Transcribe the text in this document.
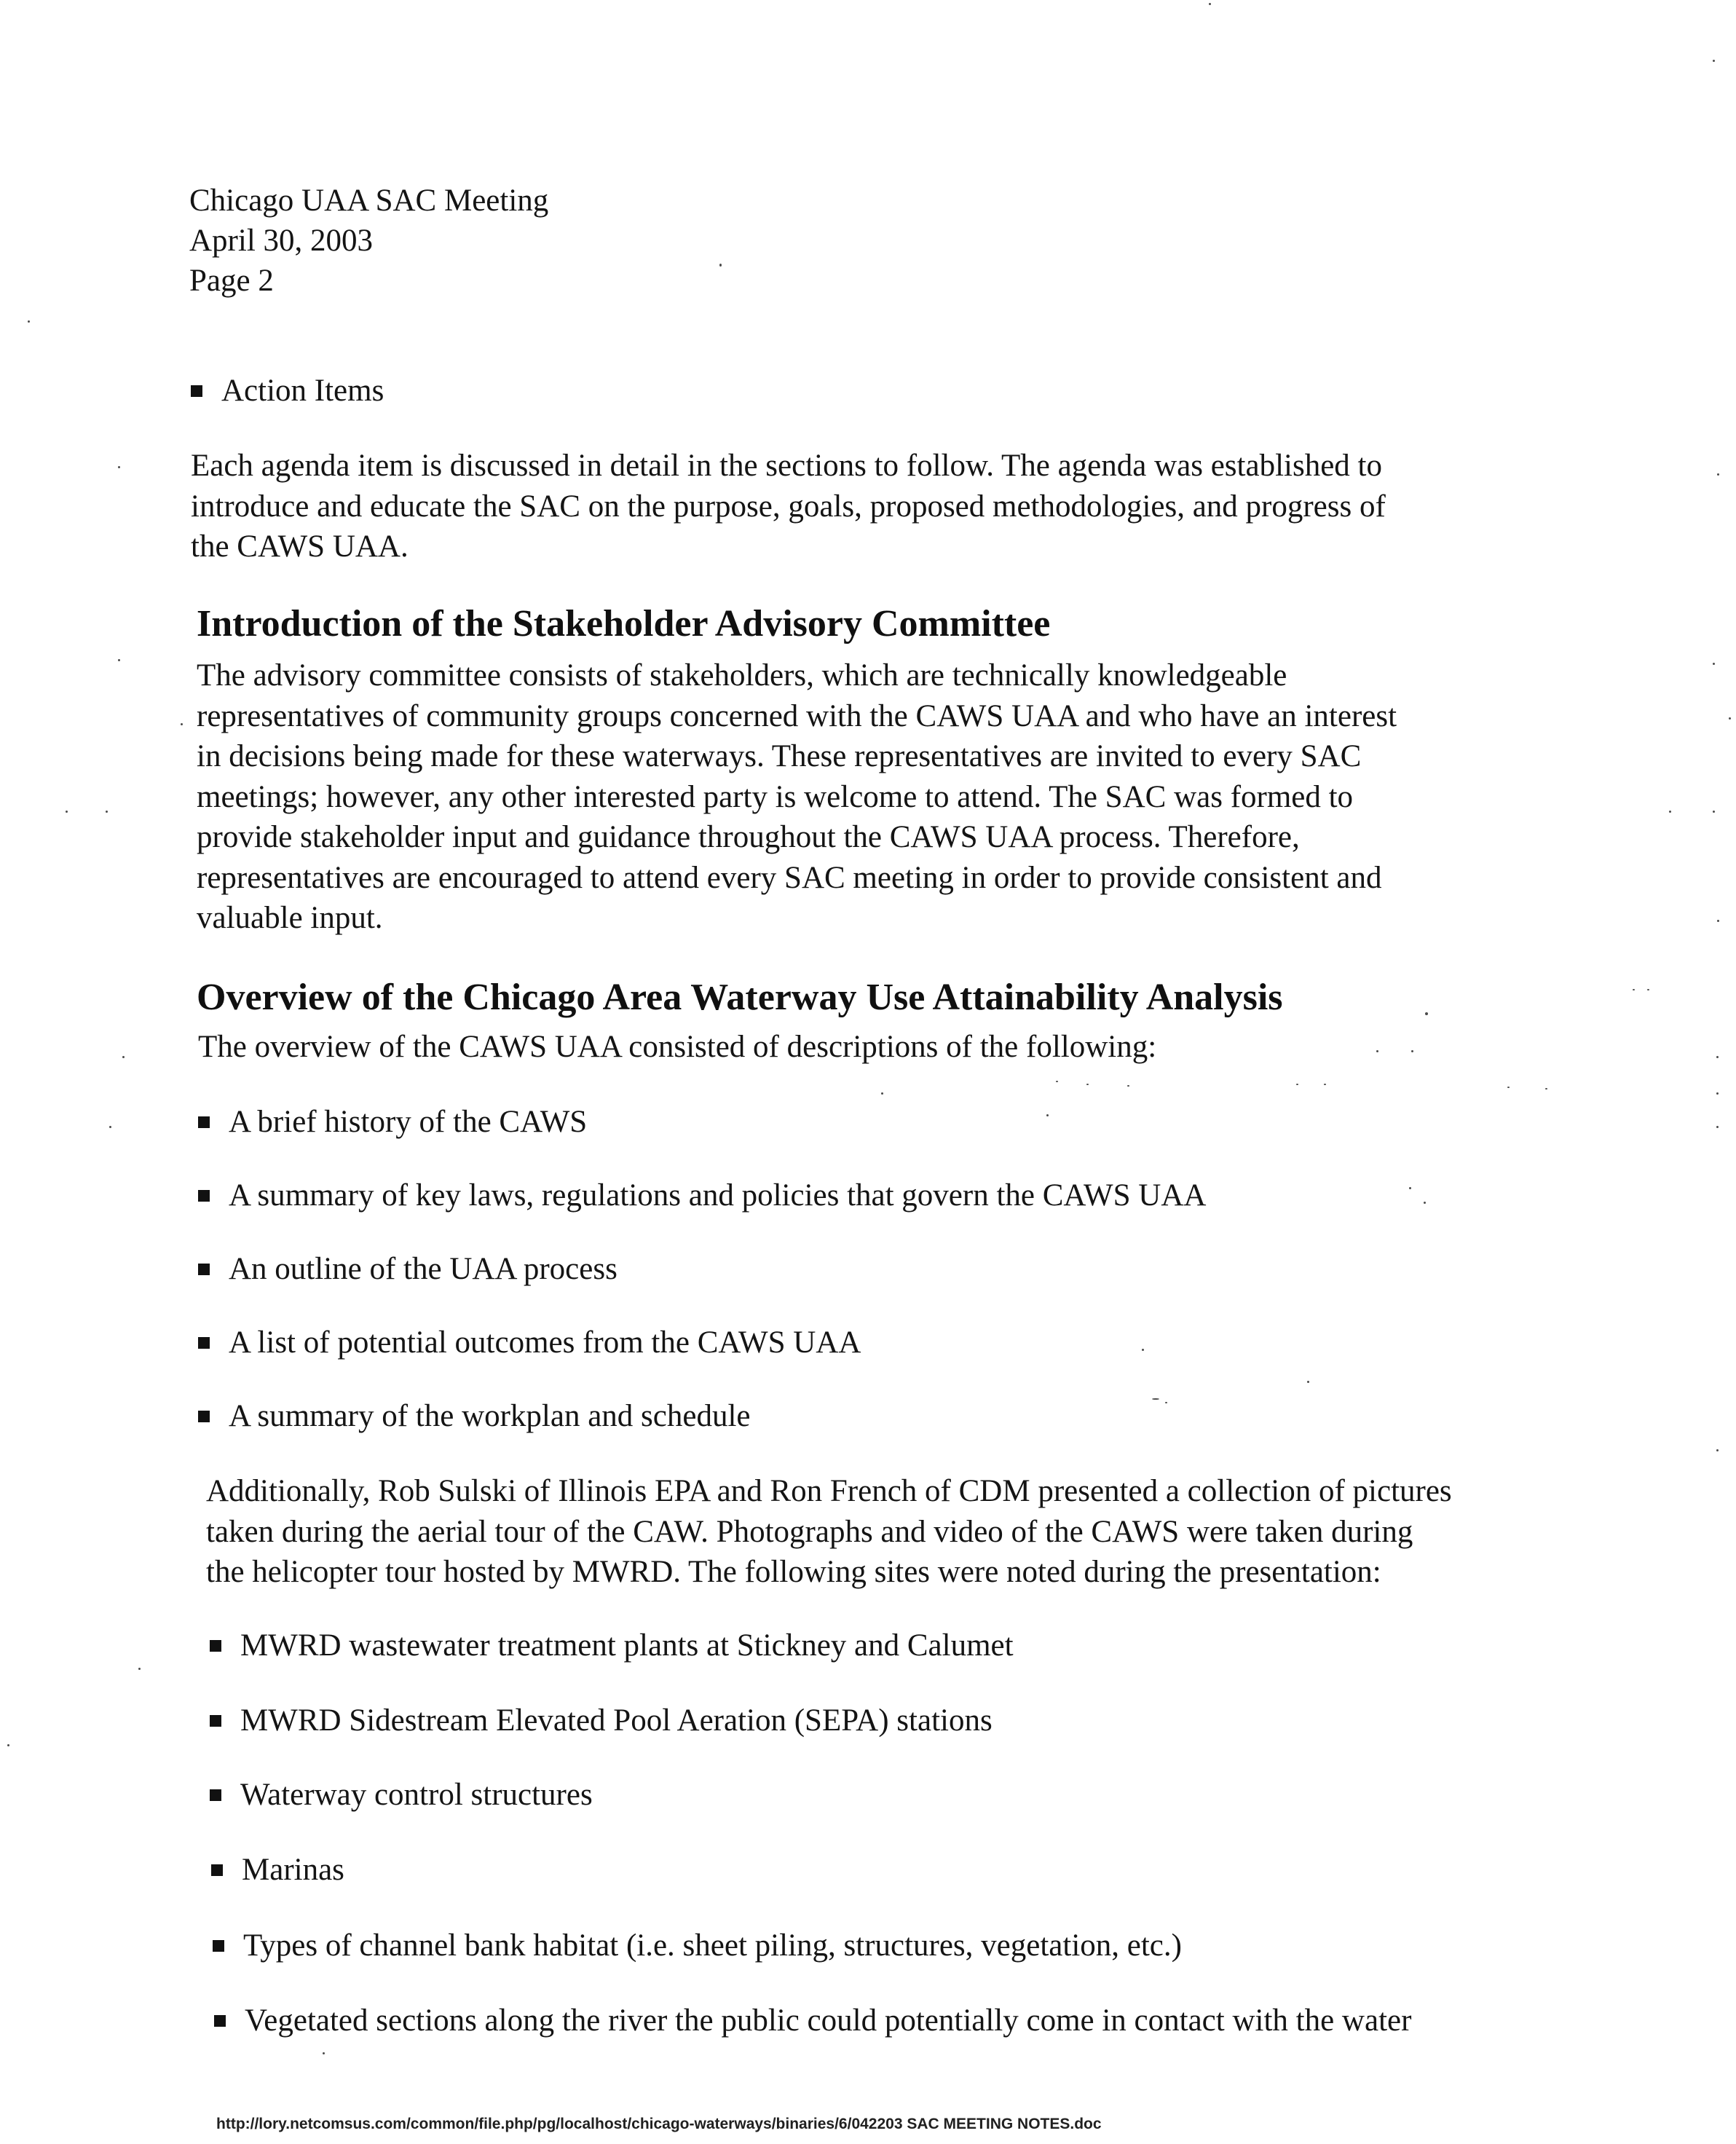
Chicago UAA SAC Meeting
April 30, 2003
Page 2
Action Items
Each agenda item is discussed in detail in the sections to follow. The agenda was established to
introduce and educate the SAC on the purpose, goals, proposed methodologies, and progress of
the CAWS UAA.
Introduction of the Stakeholder Advisory Committee
The advisory committee consists of stakeholders, which are technically knowledgeable
representatives of community groups concerned with the CAWS UAA and who have an interest
in decisions being made for these waterways. These representatives are invited to every SAC
meetings; however, any other interested party is welcome to attend. The SAC was formed to
provide stakeholder input and guidance throughout the CAWS UAA process. Therefore,
representatives are encouraged to attend every SAC meeting in order to provide consistent and
valuable input.
Overview of the Chicago Area Waterway Use Attainability Analysis
The overview of the CAWS UAA consisted of descriptions of the following:
A brief history of the CAWS
A summary of key laws, regulations and policies that govern the CAWS UAA
An outline of the UAA process
A list of potential outcomes from the CAWS UAA
A summary of the workplan and schedule
Additionally, Rob Sulski of Illinois EPA and Ron French of CDM presented a collection of pictures
taken during the aerial tour of the CAW. Photographs and video of the CAWS were taken during
the helicopter tour hosted by MWRD. The following sites were noted during the presentation:
MWRD wastewater treatment plants at Stickney and Calumet
MWRD Sidestream Elevated Pool Aeration (SEPA) stations
Waterway control structures
Marinas
Types of channel bank habitat (i.e. sheet piling, structures, vegetation, etc.)
Vegetated sections along the river the public could potentially come in contact with the water
http://lory.netcomsus.com/common/file.php/pg/localhost/chicago-waterways/binaries/6/042203 SAC MEETING NOTES.doc
